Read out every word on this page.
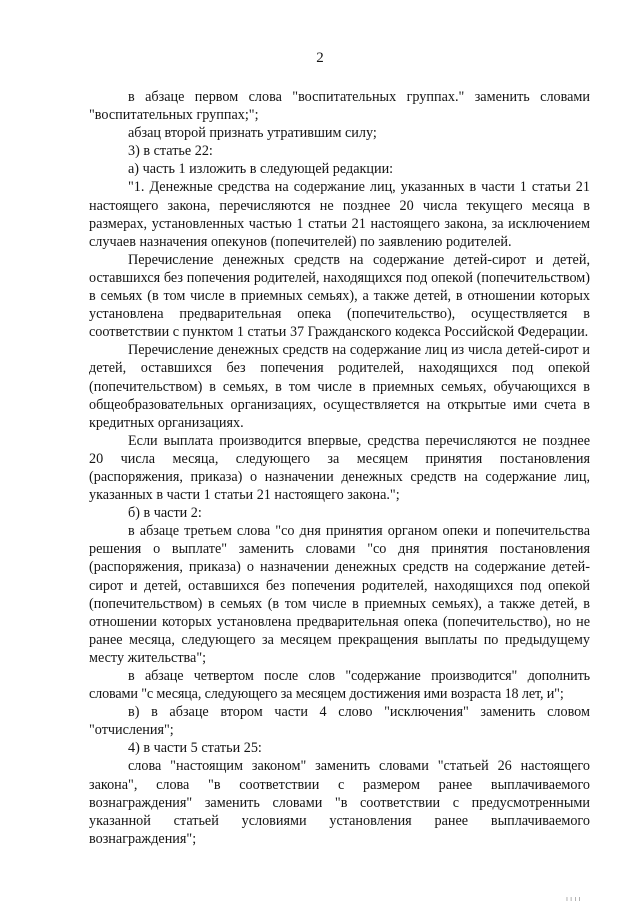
2

в абзаце первом слова "воспитательных группах." заменить словами "воспитательных группах;";

абзац второй признать утратившим силу;

3) в статье 22:

а) часть 1 изложить в следующей редакции:

"1. Денежные средства на содержание лиц, указанных в части 1 статьи 21 настоящего закона, перечисляются не позднее 20 числа текущего месяца в размерах, установленных частью 1 статьи 21 настоящего закона, за исключением случаев назначения опекунов (попечителей) по заявлению родителей.

Перечисление денежных средств на содержание детей-сирот и детей, оставшихся без попечения родителей, находящихся под опекой (попечительством) в семьях (в том числе в приемных семьях), а также детей, в отношении которых установлена предварительная опека (попечительство), осуществляется в соответствии с пунктом 1 статьи 37 Гражданского кодекса Российской Федерации.

Перечисление денежных средств на содержание лиц из числа детей-сирот и детей, оставшихся без попечения родителей, находящихся под опекой (попечительством) в семьях, в том числе в приемных семьях, обучающихся в общеобразовательных организациях, осуществляется на открытые ими счета в кредитных организациях.

Если выплата производится впервые, средства перечисляются не позднее 20 числа месяца, следующего за месяцем принятия постановления (распоряжения, приказа) о назначении денежных средств на содержание лиц, указанных в части 1 статьи 21 настоящего закона.";

б) в части 2:

в абзаце третьем слова "со дня принятия органом опеки и попечительства решения о выплате" заменить словами "со дня принятия постановления (распоряжения, приказа) о назначении денежных средств на содержание детей-сирот и детей, оставшихся без попечения родителей, находящихся под опекой (попечительством) в семьях (в том числе в приемных семьях), а также детей, в отношении которых установлена предварительная опека (попечительство), но не ранее месяца, следующего за месяцем прекращения выплаты по предыдущему месту жительства";

в абзаце четвертом после слов "содержание производится" дополнить словами "с месяца, следующего за месяцем достижения ими возраста 18 лет, и";

в) в абзаце втором части 4 слово "исключения" заменить словом "отчисления";

4) в части 5 статьи 25:

слова "настоящим законом" заменить словами "статьей 26 настоящего закона", слова "в соответствии с размером ранее выплачиваемого вознаграждения" заменить словами "в соответствии с предусмотренными указанной статьей условиями установления ранее выплачиваемого вознаграждения";

ı ı ı ı
